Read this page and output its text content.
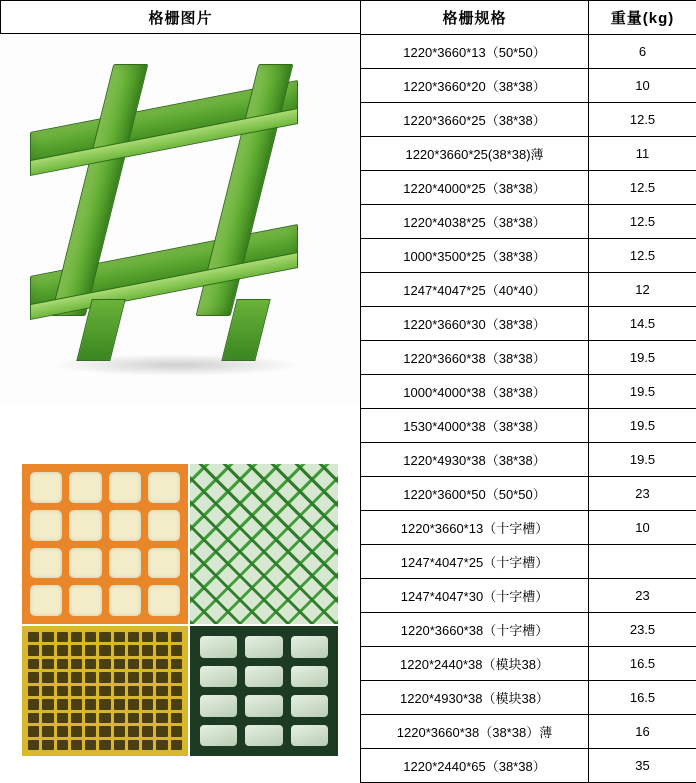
格栅图片	格栅规格	重量(kg)
1220*3660*13（50*50）	6
1220*3660*20（38*38）	10
1220*3660*25（38*38）	12.5
1220*3660*25(38*38)薄	11
1220*4000*25（38*38）	12.5
1220*4038*25（38*38）	12.5
1000*3500*25（38*38）	12.5
1247*4047*25（40*40）	12
1220*3660*30（38*38）	14.5
1220*3660*38（38*38）	19.5
1000*4000*38（38*38）	19.5
1530*4000*38（38*38）	19.5
1220*4930*38（38*38）	19.5
1220*3600*50（50*50）	23
1220*3660*13（十字槽）	10
1247*4047*25（十字槽）	
1247*4047*30（十字槽）	23
1220*3660*38（十字槽）	23.5
1220*2440*38（模块38）	16.5
1220*4930*38（模块38）	16.5
1220*3660*38（38*38）薄	16
1220*2440*65（38*38）	35
